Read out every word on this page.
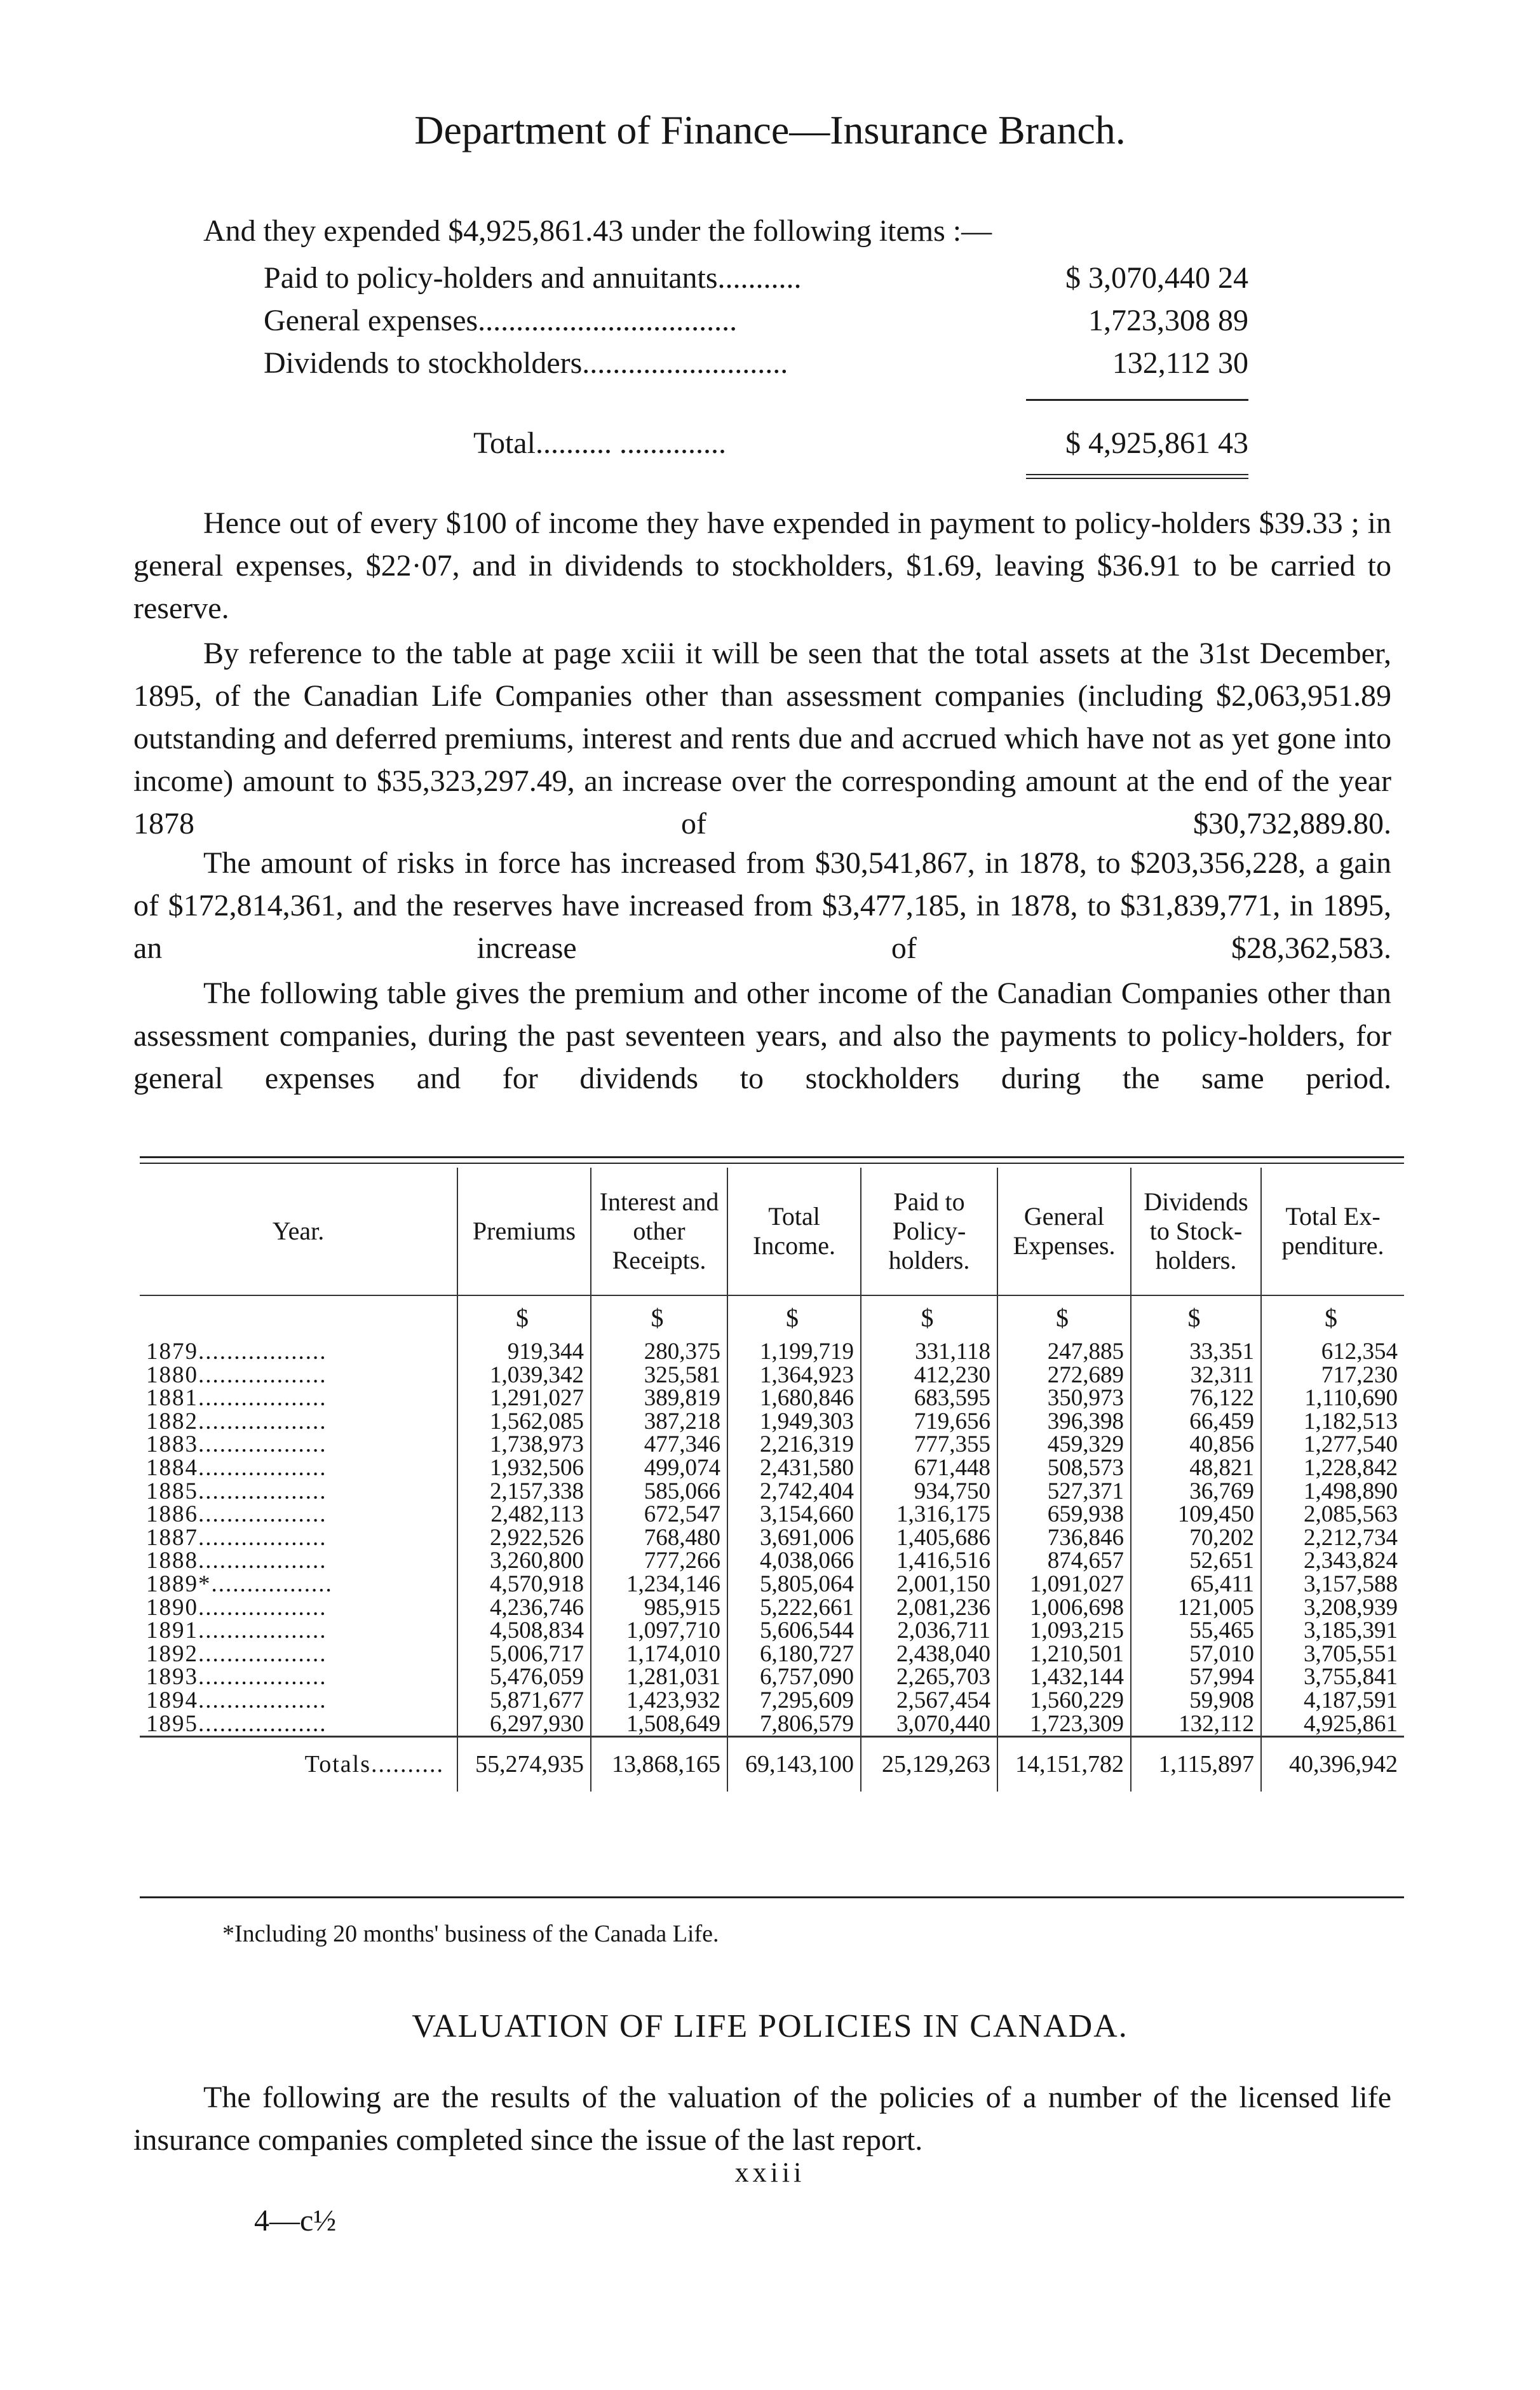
Department of Finance—Insurance Branch.

And they expended $4,925,861.43 under the following items :—

Paid to policy-holders and annuitants...........	$ 3,070,440 24
General expenses..................................	1,723,308 89
Dividends to stockholders...........................	132,112 30
Total.......... ..............	$ 4,925,861 43

Hence out of every $100 of income they have expended in payment to policy-holders $39.33 ; in general expenses, $22·07, and in dividends to stockholders, $1.69, leaving $36.91 to be carried to reserve.

By reference to the table at page xciii it will be seen that the total assets at the 31st December, 1895, of the Canadian Life Companies other than assessment companies (including $2,063,951.89 outstanding and deferred premiums, interest and rents due and accrued which have not as yet gone into income) amount to $35,323,297.49, an increase over the corresponding amount at the end of the year 1878 of $30,732,889.80.

The amount of risks in force has increased from $30,541,867, in 1878, to $203,356,228, a gain of $172,814,361, and the reserves have increased from $3,477,185, in 1878, to $31,839,771, in 1895, an increase of $28,362,583.

The following table gives the premium and other income of the Canadian Companies other than assessment companies, during the past seventeen years, and also the payments to policy-holders, for general expenses and for dividends to stockholders during the same period.

Year.	Premiums	Interest and other Receipts.	Total Income.	Paid to Policy-holders.	General Expenses.	Dividends to Stock-holders.	Total Ex-penditure.
	$	$	$	$	$	$	$
1879..................	919,344	280,375	1,199,719	331,118	247,885	33,351	612,354
1880..................	1,039,342	325,581	1,364,923	412,230	272,689	32,311	717,230
1881..................	1,291,027	389,819	1,680,846	683,595	350,973	76,122	1,110,690
1882..................	1,562,085	387,218	1,949,303	719,656	396,398	66,459	1,182,513
1883..................	1,738,973	477,346	2,216,319	777,355	459,329	40,856	1,277,540
1884..................	1,932,506	499,074	2,431,580	671,448	508,573	48,821	1,228,842
1885..................	2,157,338	585,066	2,742,404	934,750	527,371	36,769	1,498,890
1886..................	2,482,113	672,547	3,154,660	1,316,175	659,938	109,450	2,085,563
1887..................	2,922,526	768,480	3,691,006	1,405,686	736,846	70,202	2,212,734
1888..................	3,260,800	777,266	4,038,066	1,416,516	874,657	52,651	2,343,824
1889*.................	4,570,918	1,234,146	5,805,064	2,001,150	1,091,027	65,411	3,157,588
1890..................	4,236,746	985,915	5,222,661	2,081,236	1,006,698	121,005	3,208,939
1891..................	4,508,834	1,097,710	5,606,544	2,036,711	1,093,215	55,465	3,185,391
1892..................	5,006,717	1,174,010	6,180,727	2,438,040	1,210,501	57,010	3,705,551
1893..................	5,476,059	1,281,031	6,757,090	2,265,703	1,432,144	57,994	3,755,841
1894..................	5,871,677	1,423,932	7,295,609	2,567,454	1,560,229	59,908	4,187,591
1895..................	6,297,930	1,508,649	7,806,579	3,070,440	1,723,309	132,112	4,925,861
Totals..........	55,274,935	13,868,165	69,143,100	25,129,263	14,151,782	1,115,897	40,396,942
*Including 20 months' business of the Canada Life.
VALUATION OF LIFE POLICIES IN CANADA.

The following are the results of the valuation of the policies of a number of the licensed life insurance companies completed since the issue of the last report.

xxiii
4—c½
